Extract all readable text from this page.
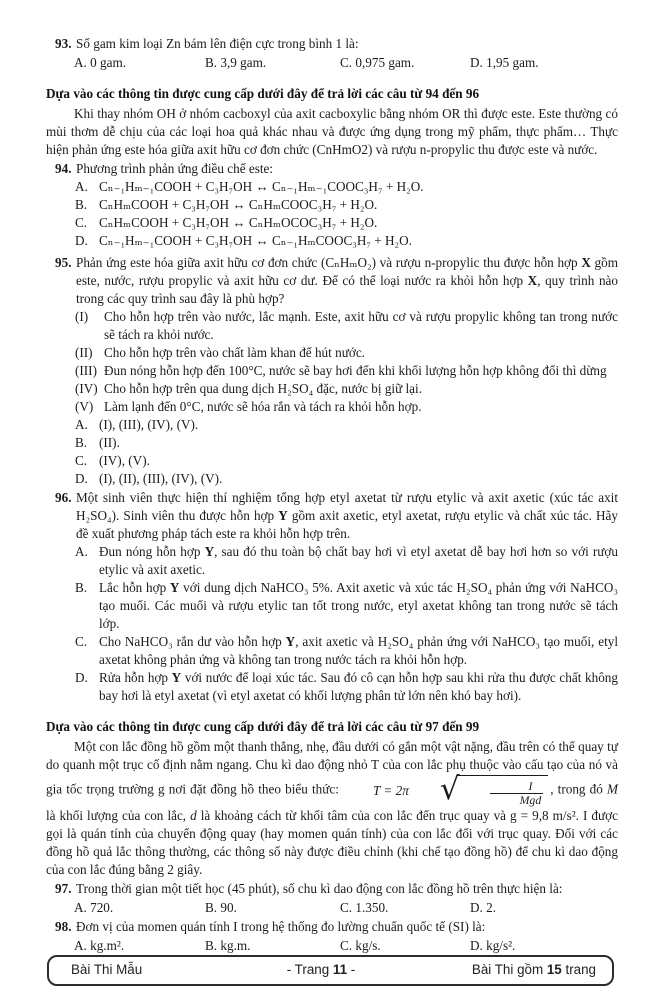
93. Số gam kim loại Zn bám lên điện cực trong bình 1 là:
A. 0 gam.	B. 3,9 gam.	C. 0,975 gam.	D. 1,95 gam.
Dựa vào các thông tin được cung cấp dưới đây để trả lời các câu từ 94 đến 96
Khi thay nhóm OH ở nhóm cacboxyl của axit cacboxylic bằng nhóm OR thì được este. Este thường có mùi thơm dễ chịu của các loại hoa quả khác nhau và được ứng dụng trong mỹ phẩm, thực phẩm… Thực hiện phản ứng este hóa giữa axit hữu cơ đơn chức (CnHmO2) và rượu n-propylic thu được este và nước.
94. Phương trình phản ứng điều chế este:
A. Cₙ₋₁Hₘ₋₁COOH + C₃H₇OH ↔ Cₙ₋₁Hₘ₋₁COOC₃H₇ + H₂O.
B. CₙHₘCOOH + C₃H₇OH ↔ CₙHₘCOOC₃H₇ + H₂O.
C. CₙHₘCOOH + C₃H₇OH ↔ CₙHₘOCOC₃H₇ + H₂O.
D. Cₙ₋₁Hₘ₋₁COOH + C₃H₇OH ↔ Cₙ₋₁HₘCOOC₃H₇ + H₂O.
95. Phản ứng este hóa giữa axit hữu cơ đơn chức (CₙHₘO₂) và rượu n-propylic thu được hỗn hợp X gồm este, nước, rượu propylic và axit hữu cơ dư. Để có thể loại nước ra khỏi hỗn hợp X, quy trình nào trong các quy trình sau đây là phù hợp?
(I) Cho hỗn hợp trên vào nước, lắc mạnh. Este, axit hữu cơ và rượu propylic không tan trong nước sẽ tách ra khỏi nước.
(II) Cho hỗn hợp trên vào chất làm khan để hút nước.
(III) Đun nóng hỗn hợp đến 100°C, nước sẽ bay hơi đến khi khối lượng hỗn hợp không đổi thì dừng
(IV) Cho hỗn hợp trên qua dung dịch H₂SO₄ đặc, nước bị giữ lại.
(V) Làm lạnh đến 0°C, nước sẽ hóa rắn và tách ra khỏi hỗn hợp.
A. (I), (III), (IV), (V).
B. (II).
C. (IV), (V).
D. (I), (II), (III), (IV), (V).
96. Một sinh viên thực hiện thí nghiệm tổng hợp etyl axetat từ rượu etylic và axit axetic (xúc tác axit H₂SO₄). Sinh viên thu được hỗn hợp Y gồm axit axetic, etyl axetat, rượu etylic và chất xúc tác. Hãy đề xuất phương pháp tách este ra khỏi hỗn hợp trên.
A. Đun nóng hỗn hợp Y, sau đó thu toàn bộ chất bay hơi vì etyl axetat dễ bay hơi hơn so với rượu etylic và axit axetic.
B. Lắc hỗn hợp Y với dung dịch NaHCO₃ 5%. Axit axetic và xúc tác H₂SO₄ phản ứng với NaHCO₃ tạo muối. Các muối và rượu etylic tan tốt trong nước, etyl axetat không tan trong nước sẽ tách lớp.
C. Cho NaHCO₃ rắn dư vào hỗn hợp Y, axit axetic và H₂SO₄ phản ứng với NaHCO₃ tạo muối, etyl axetat không phản ứng và không tan trong nước tách ra khỏi hỗn hợp.
D. Rửa hỗn hợp Y với nước để loại xúc tác. Sau đó cô cạn hỗn hợp sau khi rửa thu được chất không bay hơi là etyl axetat (vì etyl axetat có khối lượng phân tử lớn nên khó bay hơi).
Dựa vào các thông tin được cung cấp dưới đây để trả lời các câu từ 97 đến 99
Một con lắc đồng hồ gồm một thanh thẳng, nhẹ, đầu dưới có gắn một vật nặng, đầu trên có thể quay tự do quanh một trục cố định nằm ngang. Chu kì dao động nhỏ T của con lắc phụ thuộc vào cấu tạo của nó và gia tốc trọng trường g nơi đặt đồng hồ theo biểu thức:	T = 2π	√	$\frac{I}{\text{Mgd}}$ , trong đó M là khối lượng của con lắc, d là khoảng cách từ khối tâm của con lắc đến trục quay và g = 9,8 m/s². I được gọi là quán tính của chuyển động quay (hay momen quán tính) của con lắc đối với trục quay. Đối với các đồng hồ quả lắc thông thường, các thông số này được điều chỉnh (khi chế tạo đồng hồ) để chu kì dao động của con lắc đúng bằng 2 giây.
97. Trong thời gian một tiết học (45 phút), số chu kì dao động con lắc đồng hồ trên thực hiện là:
A. 720.	B. 90.	C. 1.350.	D. 2.
98. Đơn vị của momen quán tính I trong hệ thống đo lường chuẩn quốc tế (SI) là:
A. kg.m².	B. kg.m.	C. kg/s.	D. kg/s².
Bài Thi Mẫu	- Trang 11 -	Bài Thi gồm 15 trang
